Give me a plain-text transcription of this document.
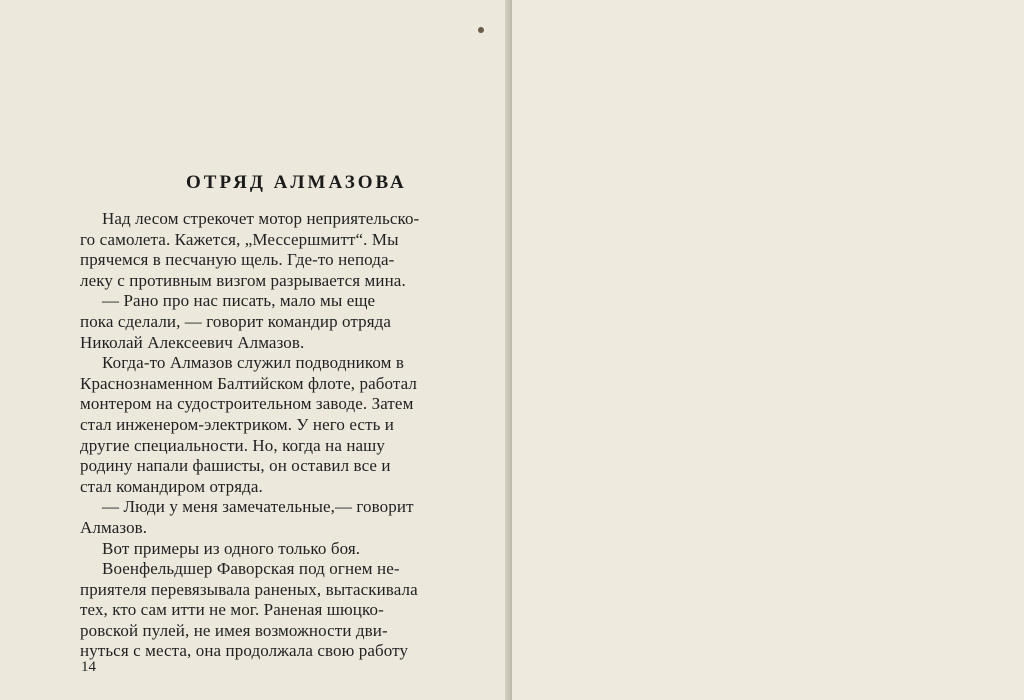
ОТРЯД АЛМАЗОВА
Над лесом стрекочет мотор неприятельско-
го самолета. Кажется, „Мессершмитт“. Мы
прячемся в песчаную щель. Где-то непода-
леку с противным визгом разрывается мина.
— Рано про нас писать, мало мы еще
пока сделали, — говорит командир отряда
Николай Алексеевич Алмазов.
Когда-то Алмазов служил подводником в
Краснознаменном Балтийском флоте, работал
монтером на судостроительном заводе. Затем
стал инженером-электриком. У него есть и
другие специальности. Но, когда на нашу
родину напали фашисты, он оставил все и
стал командиром отряда.
— Люди у меня замечательные,— говорит
Алмазов.
Вот примеры из одного только боя.
Военфельдшер Фаворская под огнем не-
приятеля перевязывала раненых, вытаскивала
тех, кто сам итти не мог. Раненая шюцко-
ровской пулей, не имея возможности дви-
нуться с места, она продолжала свою работу
14
